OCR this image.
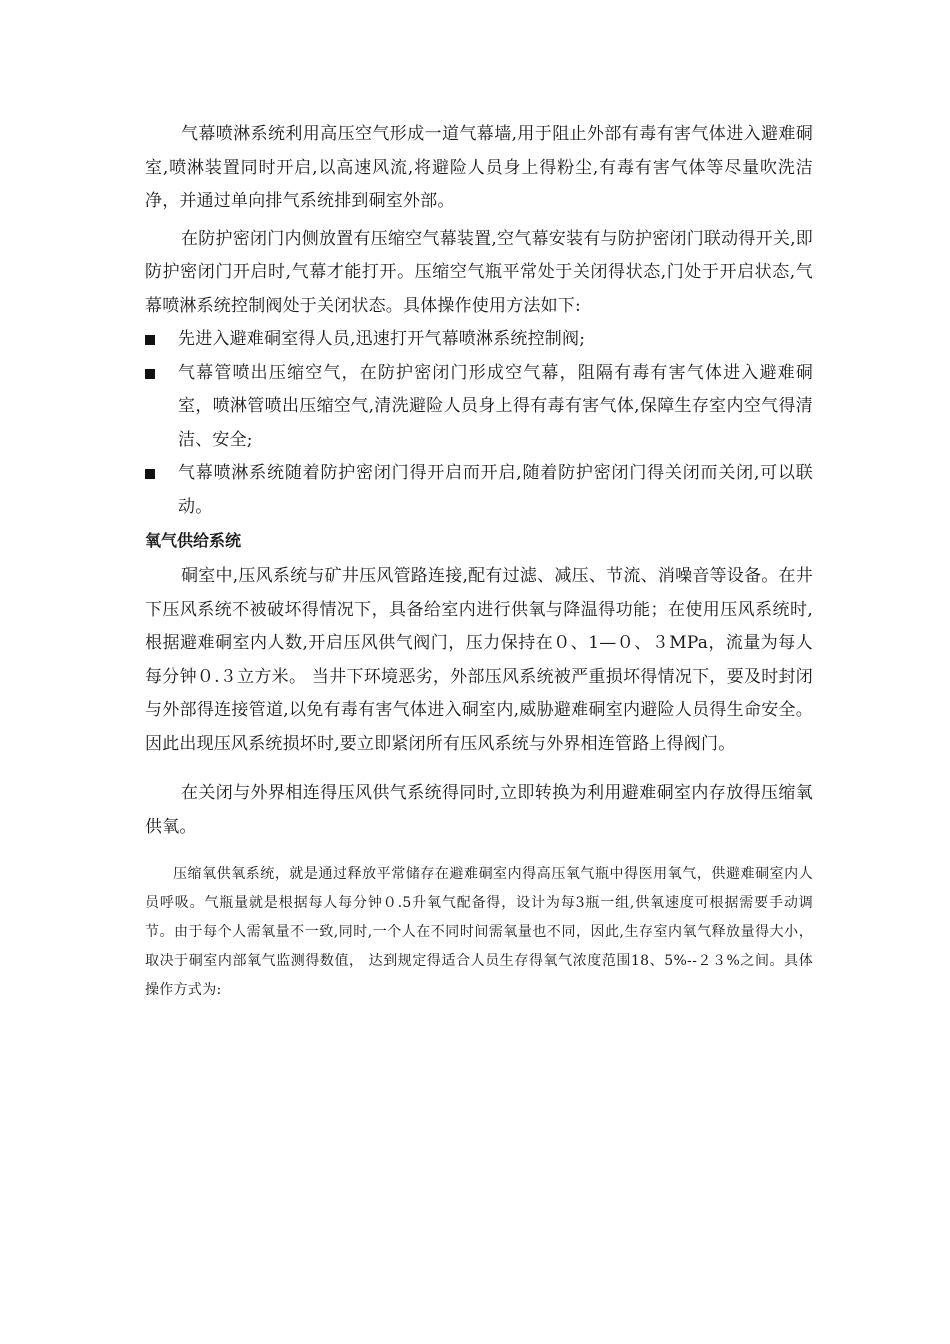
气幕喷淋系统利用高压空气形成一道气幕墙,用于阻止外部有毒有害气体进入避难硐室,喷淋装置同时开启,以高速风流,将避险人员身上得粉尘,有毒有害气体等尽量吹洗洁净，并通过单向排气系统排到硐室外部。

在防护密闭门内侧放置有压缩空气幕装置,空气幕安装有与防护密闭门联动得开关,即防护密闭门开启时,气幕才能打开。压缩空气瓶平常处于关闭得状态,门处于开启状态,气幕喷淋系统控制阀处于关闭状态。具体操作使用方法如下:

先进入避难硐室得人员,迅速打开气幕喷淋系统控制阀;
气幕管喷出压缩空气，在防护密闭门形成空气幕，阻隔有毒有害气体进入避难硐室，喷淋管喷出压缩空气,清洗避险人员身上得有毒有害气体,保障生存室内空气得清洁、安全;
气幕喷淋系统随着防护密闭门得开启而开启,随着防护密闭门得关闭而关闭,可以联动。
氧气供给系统

硐室中,压风系统与矿井压风管路连接,配有过滤、减压、节流、消噪音等设备。在井下压风系统不被破坏得情况下，具备给室内进行供氧与降温得功能；在使用压风系统时,根据避难硐室内人数,开启压风供气阀门，压力保持在０、1—０、３MPa，流量为每人每分钟０.３立方米。 当井下环境恶劣，外部压风系统被严重损坏得情况下，要及时封闭与外部得连接管道,以免有毒有害气体进入硐室内,威胁避难硐室内避险人员得生命安全。因此出现压风系统损坏时,要立即紧闭所有压风系统与外界相连管路上得阀门。

在关闭与外界相连得压风供气系统得同时,立即转换为利用避难硐室内存放得压缩氧供氧。

压缩氧供氧系统，就是通过释放平常储存在避难硐室内得高压氧气瓶中得医用氧气，供避难硐室内人员呼吸。气瓶量就是根据每人每分钟０.5升氧气配备得，设计为每3瓶一组,供氧速度可根据需要手动调节。由于每个人需氧量不一致,同时,一个人在不同时间需氧量也不同，因此,生存室内氧气释放量得大小，取决于硐室内部氧气监测得数值， 达到规定得适合人员生存得氧气浓度范围18、5%--２３%之间。具体操作方式为:
